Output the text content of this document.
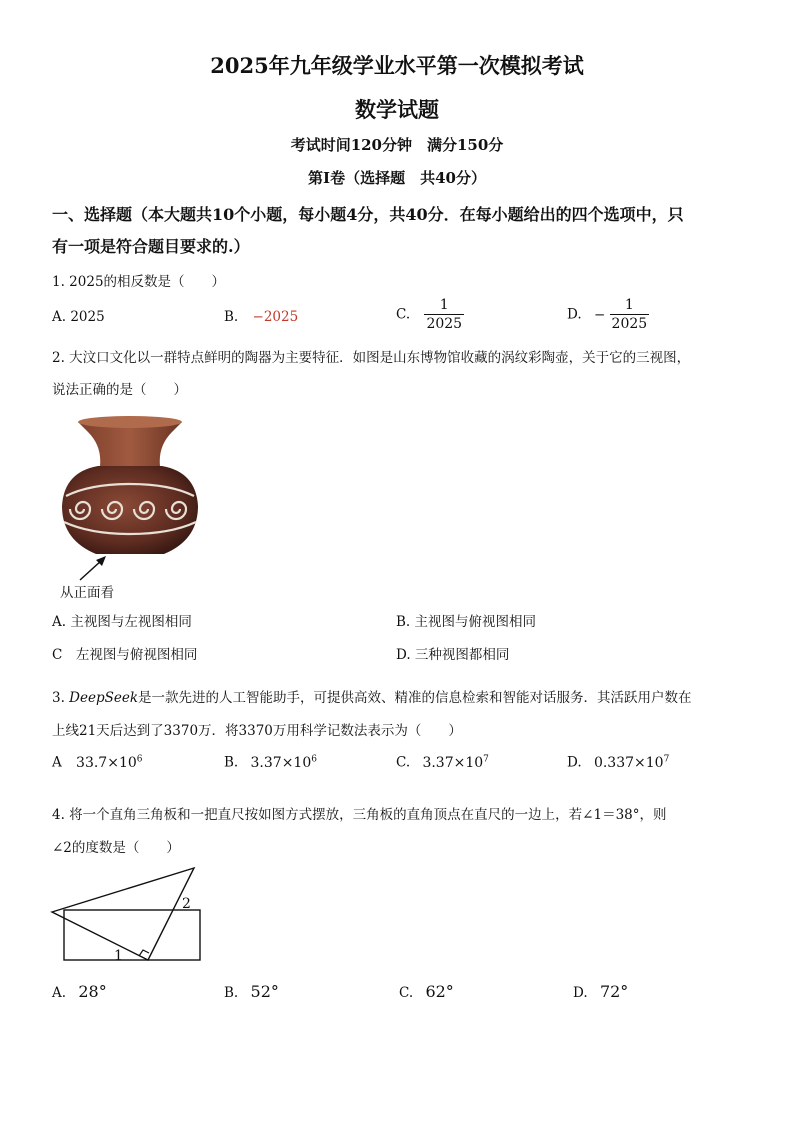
2025年九年级学业水平第一次模拟考试
数学试题
考试时间120分钟　满分150分
第Ⅰ卷（选择题　共40分）
一、选择题（本大题共10个小题，每小题4分，共40分．在每小题给出的四个选项中，只
有一项是符合题目要求的.）
1. 2025的相反数是（　　）
A. 2025	B. −2025	C. $\frac{1}{2025}$	D. − $\frac{1}{2025}$
2. 大汶口文化以一群特点鲜明的陶器为主要特征．如图是山东博物馆收藏的涡纹彩陶壶，关于它的三视图，
说法正确的是（　　）
从正面看
A. 主视图与左视图相同	B. 主视图与俯视图相同
C　左视图与俯视图相同	D. 三种视图都相同
3. DeepSeek是一款先进的人工智能助手，可提供高效、精准的信息检索和智能对话服务．其活跃用户数在
上线21天后达到了3370万．将3370万用科学记数法表示为（　　）
A $33.7\times 10^6$	B. $3.37\times 10^6$	C. $3.37\times 10^7$	D. $0.337\times 10^7$
4. 将一个直角三角板和一把直尺按如图方式摆放，三角板的直角顶点在直尺的一边上，若∠1＝38°，则
∠2的度数是（　　）
1
2
A. 28°	B. 52°	C. 62°	D. 72°
